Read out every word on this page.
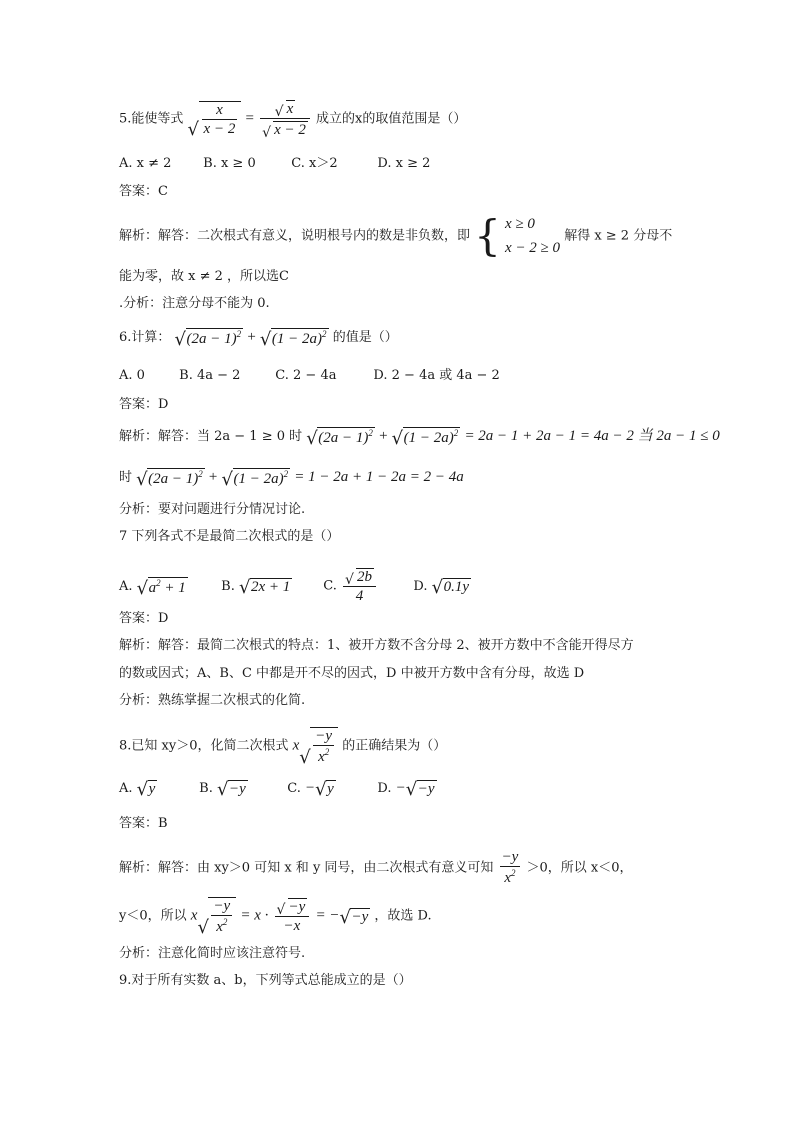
5.能使等式 √ $\frac{x}{x - 2} = \frac{√ x}{√ x - 2}$ 成立的x的取值范围是（）
A. x ≠ 2 B. x ≥ 0	C. x＞2	D. x ≥ 2
答案：C
解析：解答：二次根式有意义，说明根号内的数是非负数，即 { x ≥ 0
x − 2 ≥ 0
解得 x ≥ 2 分母不
能为零，故 x ≠ 2 ，所以选C
.分析：注意分母不能为 0.
6.计算： √ $(2a - 1)^2$ + √ $(1 - 2a)^2$ 的值是（）
A. 0	B. 4a − 2	C. 2 − 4a	D. 2 − 4a 或 4a − 2
答案：D
解析：解答：当 2a − 1 ≥ 0 时 √ $(2a - 1)^2$ + √ $(1 - 2a)^2 = 2a - 1 + 2a - 1 = 4a - 2$ 当 2a − 1 ≤ 0
时 √ $(2a - 1)^2$ + √ $(1 - 2a)^2 = 1 - 2a + 1 - 2a = 2 - 4a$
分析：要对问题进行分情况讨论.
7 下列各式不是最简二次根式的是（）
A. √ $a^2 + 1$	B. √ 2x + 1	C. $\frac{√ 2b}{4}$	D. √ 0.1y
答案：D
解析：解答：最简二次根式的特点：1、被开方数不含分母 2、被开方数中不含能开得尽方
的数或因式；A、B、C 中都是开不尽的因式，D 中被开方数中含有分母，故选 D
分析：熟练掌握二次根式的化简.
8.已知 xy＞0，化简二次根式 x
√ $\frac{-y}{x^2}$ 的正确结果为（）
A. √ y	B. √ −y	C. − √ y	D. − √ −y
答案：B
解析：解答：由 xy＞0 可知 x 和 y 同号，由二次根式有意义可知 $\frac{-y}{x^2} >0$，所以 x＜0，
y＜0，所以 x
√ $\frac{-y}{x^2} = x \cdot \frac{√ -y}{-x}$ = − √ −y ，故选 D.
分析：注意化简时应该注意符号.
9.对于所有实数 a、b，下列等式总能成立的是（）
